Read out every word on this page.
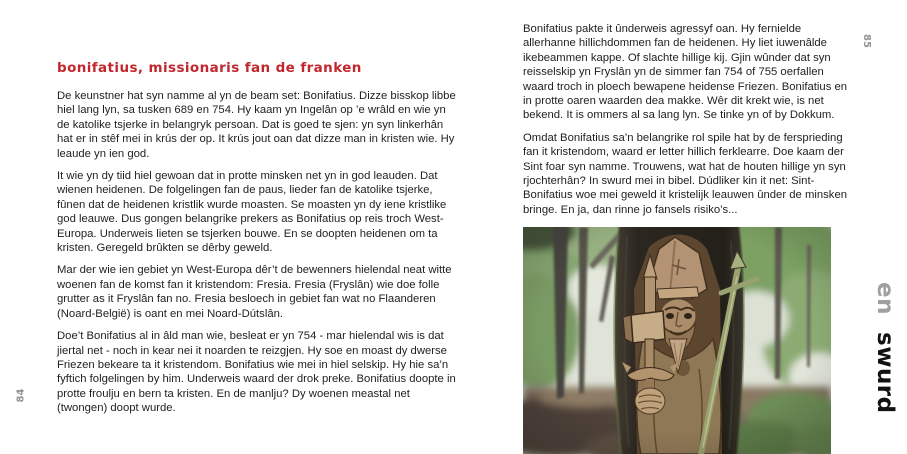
84
bonifatius, missionaris fan de franken

De keunstner hat syn namme al yn de beam set: Bonifatius. Dizze bisskop libbe hiel lang lyn, sa tusken 689 en 754. Hy kaam yn Ingelân op ’e wrâld en wie yn de katolike tsjerke in belangryk persoan. Dat is goed te sjen: yn syn linkerhân hat er in stêf mei in krús der op. It krús jout oan dat dizze man in kristen wie. Hy leaude yn ien god.

It wie yn dy tiid hiel gewoan dat in protte minsken net yn in god leauden. Dat wienen heidenen. De folgelingen fan de paus, lieder fan de katolike tsjerke, fûnen dat de heidenen kristlik wurde moasten. Se moasten yn dy iene kristlike god leauwe. Dus gongen belangrike prekers as Bonifatius op reis troch West-Europa. Underweis lieten se tsjerken bouwe. En se doopten heidenen om ta kristen. Geregeld brûkten se dêrby geweld.

Mar der wie ien gebiet yn West-Europa dêr’t de bewenners hielendal neat witte woenen fan de komst fan it kristendom: Fresia. Fresia (Fryslân) wie doe folle grutter as it Fryslân fan no. Fresia besloech in gebiet fan wat no Flaanderen (Noard-België) is oant en mei Noard-Dútslân.

Doe’t Bonifatius al in âld man wie, besleat er yn 754 - mar hielendal wis is dat jiertal net - noch in kear nei it noarden te reizgjen. Hy soe en moast dy dwerse Friezen bekeare ta it kristendom. Bonifatius wie mei in hiel selskip. Hy hie sa’n fyftich folgelingen by him. Underweis waard der drok preke. Bonifatius doopte in protte froulju en bern ta kristen. En de manlju? Dy woenen meastal net (twongen) doopt wurde.

85

Bonifatius pakte it ûnderweis agressyf oan. Hy fernielde allerhanne hillichdommen fan de heidenen. Hy liet iuwenâlde ikebeammen kappe. Of slachte hillige kij. Gjin wûnder dat syn reisselskip yn Fryslân yn de simmer fan 754 of 755 oerfallen waard troch in ploech bewapene heidense Friezen. Bonifatius en in protte oaren waarden dea makke. Wêr dit krekt wie, is net bekend. It is ommers al sa lang lyn. Se tinke yn of by Dokkum.

Omdat Bonifatius sa’n belangrike rol spile hat by de fersprieding fan it kristendom, waard er letter hillich ferklearre. Doe kaam der Sint foar syn namme. Trouwens, wat hat de houten hillige yn syn rjochterhân? In swurd mei in bibel. Dúdliker kin it net: Sint-Bonifatius woe mei geweld it kristelijk leauwen ûnder de minsken bringe. En ja, dan rinne jo fansels risiko’s...

en swurd
